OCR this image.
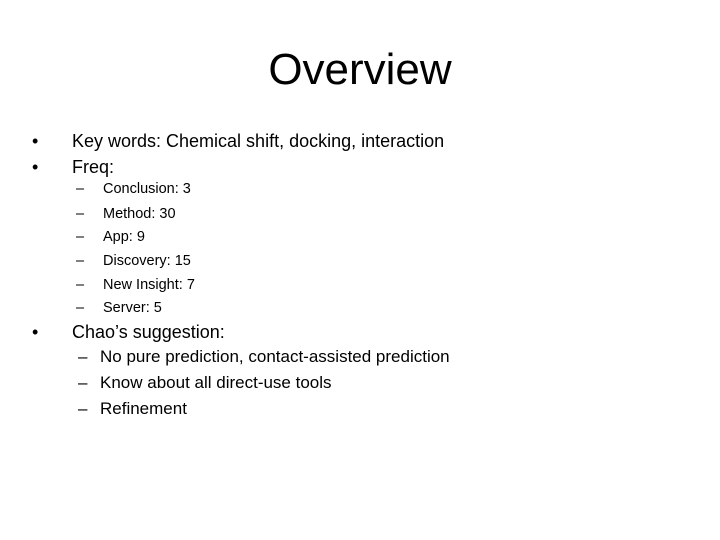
Overview
• Key words: Chemical shift, docking, interaction
• Freq:
– Conclusion: 3
– Method: 30
– App: 9
– Discovery: 15
– New Insight: 7
– Server: 5
• Chao’s suggestion:
– No pure prediction, contact-assisted prediction
– Know about all direct-use tools
– Refinement
